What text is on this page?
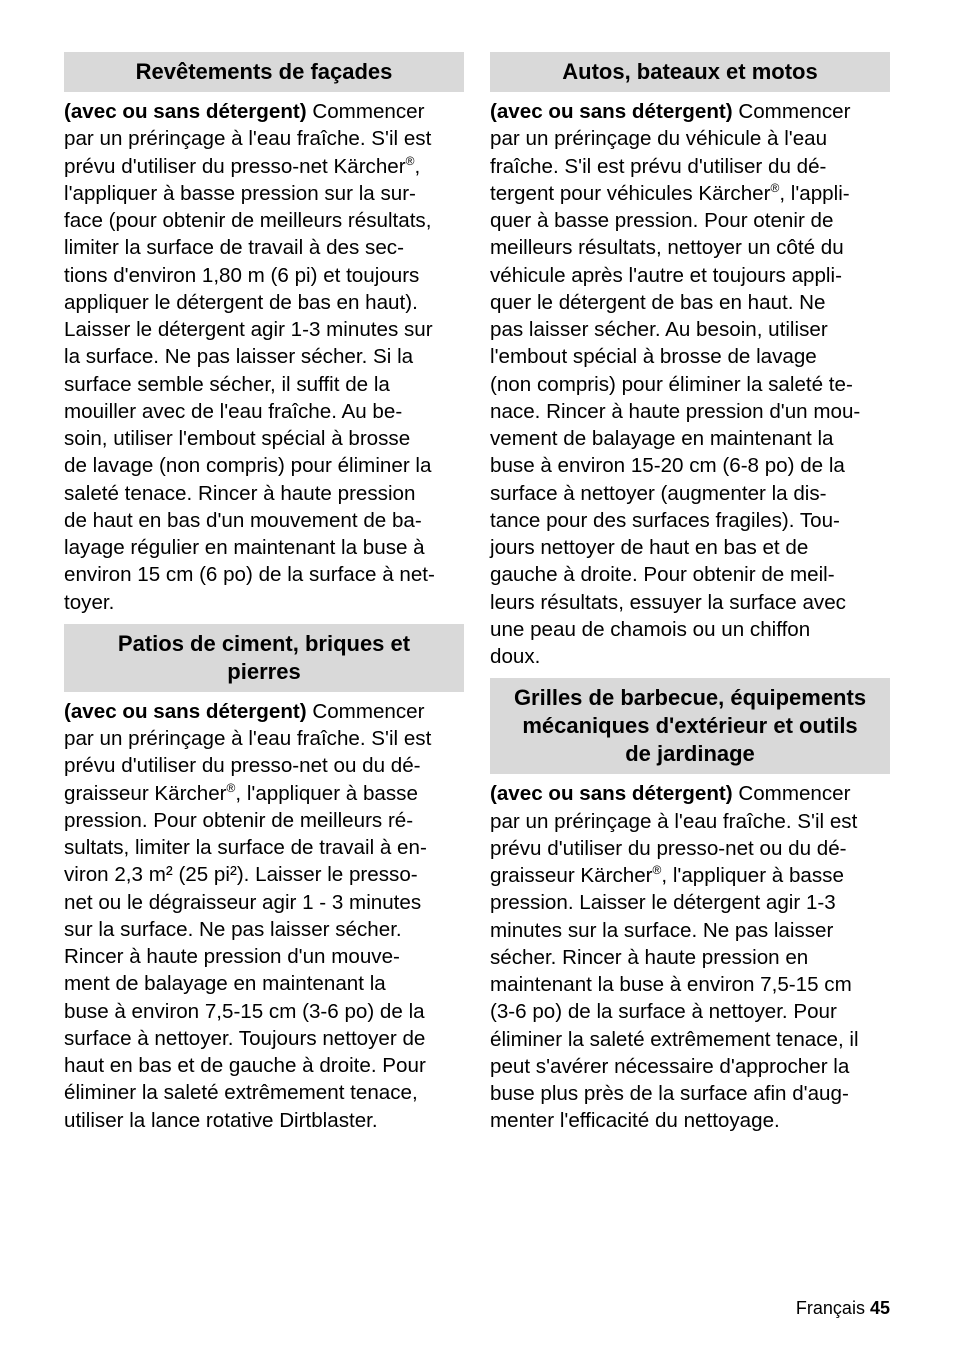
Revêtements de façades
(avec ou sans détergent) Commencer
par un prérinçage à l'eau fraîche. S'il est
prévu d'utiliser du presso-net Kärcher®,
l'appliquer à basse pression sur la sur-
face (pour obtenir de meilleurs résultats,
limiter la surface de travail à des sec-
tions d'environ 1,80 m (6 pi) et toujours
appliquer le détergent de bas en haut).
Laisser le détergent agir 1-3 minutes sur
la surface. Ne pas laisser sécher. Si la
surface semble sécher, il suffit de la
mouiller avec de l'eau fraîche. Au be-
soin, utiliser l'embout spécial à brosse
de lavage (non compris) pour éliminer la
saleté tenace. Rincer à haute pression
de haut en bas d'un mouvement de ba-
layage régulier en maintenant la buse à
environ 15 cm (6 po) de la surface à net-
toyer.
Patios de ciment, briques et
pierres
(avec ou sans détergent) Commencer
par un prérinçage à l'eau fraîche. S'il est
prévu d'utiliser du presso-net ou du dé-
graisseur Kärcher®, l'appliquer à basse
pression. Pour obtenir de meilleurs ré-
sultats, limiter la surface de travail à en-
viron 2,3 m² (25 pi²). Laisser le presso-
net ou le dégraisseur agir 1 - 3 minutes
sur la surface. Ne pas laisser sécher.
Rincer à haute pression d'un mouve-
ment de balayage en maintenant la
buse à environ 7,5-15 cm (3-6 po) de la
surface à nettoyer. Toujours nettoyer de
haut en bas et de gauche à droite. Pour
éliminer la saleté extrêmement tenace,
utiliser la lance rotative Dirtblaster.
Autos, bateaux et motos
(avec ou sans détergent) Commencer
par un prérinçage du véhicule à l'eau
fraîche. S'il est prévu d'utiliser du dé-
tergent pour véhicules Kärcher®, l'appli-
quer à basse pression. Pour otenir de
meilleurs résultats, nettoyer un côté du
véhicule après l'autre et toujours appli-
quer le détergent de bas en haut. Ne
pas laisser sécher. Au besoin, utiliser
l'embout spécial à brosse de lavage
(non compris) pour éliminer la saleté te-
nace. Rincer à haute pression d'un mou-
vement de balayage en maintenant la
buse à environ 15-20 cm (6-8 po) de la
surface à nettoyer (augmenter la dis-
tance pour des surfaces fragiles). Tou-
jours nettoyer de haut en bas et de
gauche à droite. Pour obtenir de meil-
leurs résultats, essuyer la surface avec
une peau de chamois ou un chiffon
doux.
Grilles de barbecue, équipements
mécaniques d'extérieur et outils
de jardinage
(avec ou sans détergent) Commencer
par un prérinçage à l'eau fraîche. S'il est
prévu d'utiliser du presso-net ou du dé-
graisseur Kärcher®, l'appliquer à basse
pression. Laisser le détergent agir 1-3
minutes sur la surface. Ne pas laisser
sécher. Rincer à haute pression en
maintenant la buse à environ 7,5-15 cm
(3-6 po) de la surface à nettoyer. Pour
éliminer la saleté extrêmement tenace, il
peut s'avérer nécessaire d'approcher la
buse plus près de la surface afin d'aug-
menter l'efficacité du nettoyage.
Français 45
